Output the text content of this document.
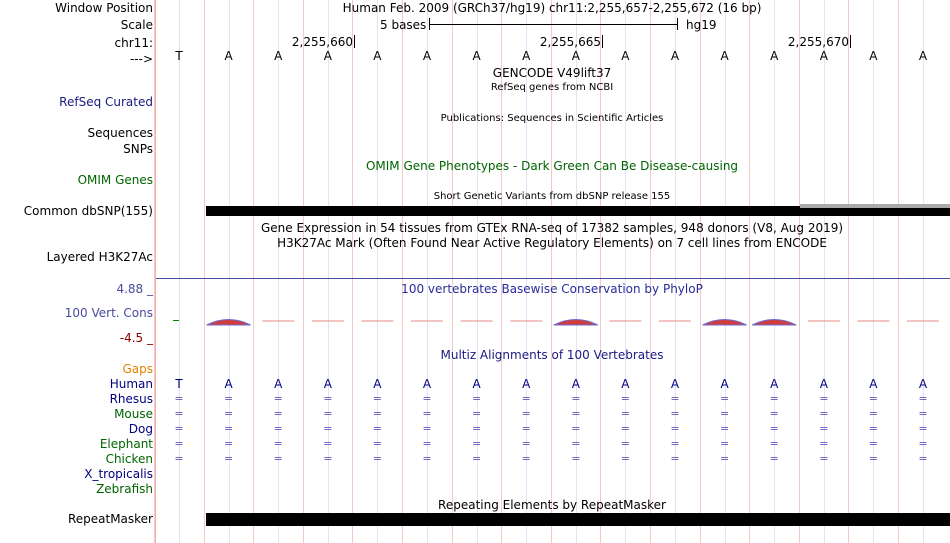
Window Position	Human Feb. 2009 (GRCh37/hg19) chr11:2,255,657-2,255,672 (16 bp)
Scale	5 bases	hg19
chr11:	2,255,660	2,255,665	2,255,670
---> T	A	A	A	A	A	A	A	A	A	A	A	A	A	A	A
GENCODE V49lift37
RefSeq genes from NCBI
RefSeq Curated
Publications: Sequences in Scientific Articles
Sequences
SNPs
OMIM Gene Phenotypes - Dark Green Can Be Disease-causing
OMIM Genes
Short Genetic Variants from dbSNP release 155
Common dbSNP(155)
Gene Expression in 54 tissues from GTEx RNA-seq of 17382 samples, 948 donors (V8, Aug 2019)
H3K27Ac Mark (Often Found Near Active Regulatory Elements) on 7 cell lines from ENCODE
Layered H3K27Ac
4.88 _	100 vertebrates Basewise Conservation by PhyloP
100 Vert. Cons
-4.5 _
Multiz Alignments of 100 Vertebrates
Gaps
Human T	A	A	A	A	A	A	A	A	A	A	A	A	A	A	A
Rhesus =	=	=	=	=	=	=	=	=	=	=	=	=	=	=	=
Mouse =	=	=	=	=	=	=	=	=	=	=	=	=	=	=	=
Dog =	=	=	=	=	=	=	=	=	=	=	=	=	=	=	=
Elephant =	=	=	=	=	=	=	=	=	=	=	=	=	=	=	=
Chicken =	=	=	=	=	=	=	=	=	=	=	=	=	=	=	=
X_tropicalis
Zebrafish
Repeating Elements by RepeatMasker
RepeatMasker
